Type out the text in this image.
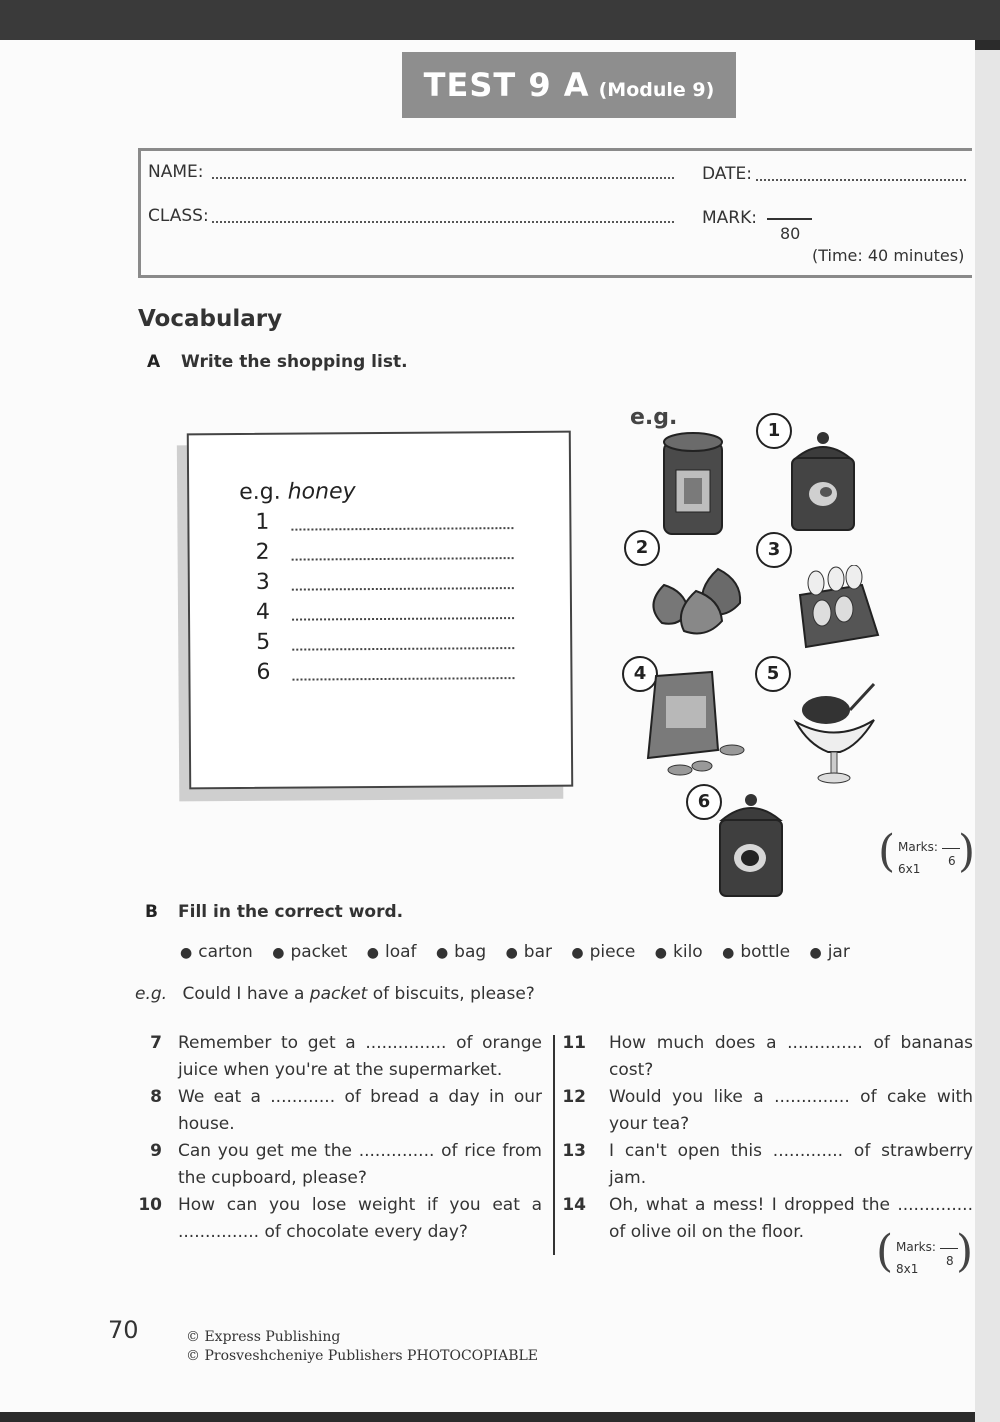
TEST 9 A (Module 9)
NAME:	DATE:
CLASS:	MARK:
80
(Time: 40 minutes)
Vocabulary
A Write the shopping list.
e.g. honey
1
2
3
4
5
6
e.g.
1
2	3
4	5
6
( Marks:
6x1
6 )
B Fill in the correct word.
● carton ● packet ● loaf ● bag ● bar ● piece ● kilo ● bottle ● jar
e.g. Could I have a packet of biscuits, please?
7 Remember to get a ............... of orange juice when you're at the supermarket.
8 We eat a ............ of bread a day in our house.
9 Can you get me the .............. of rice from the cupboard, please?
10 How can you lose weight if you eat a ............... of chocolate every day?
11 How much does a .............. of bananas cost?
12 Would you like a .............. of cake with your tea?
13 I can't open this ............. of strawberry jam.
14 Oh, what a mess! I dropped the .............. of olive oil on the floor.	( Marks:
8x1
8 )
70	© Express Publishing
© Prosveshcheniye Publishers PHOTOCOPIABLE
